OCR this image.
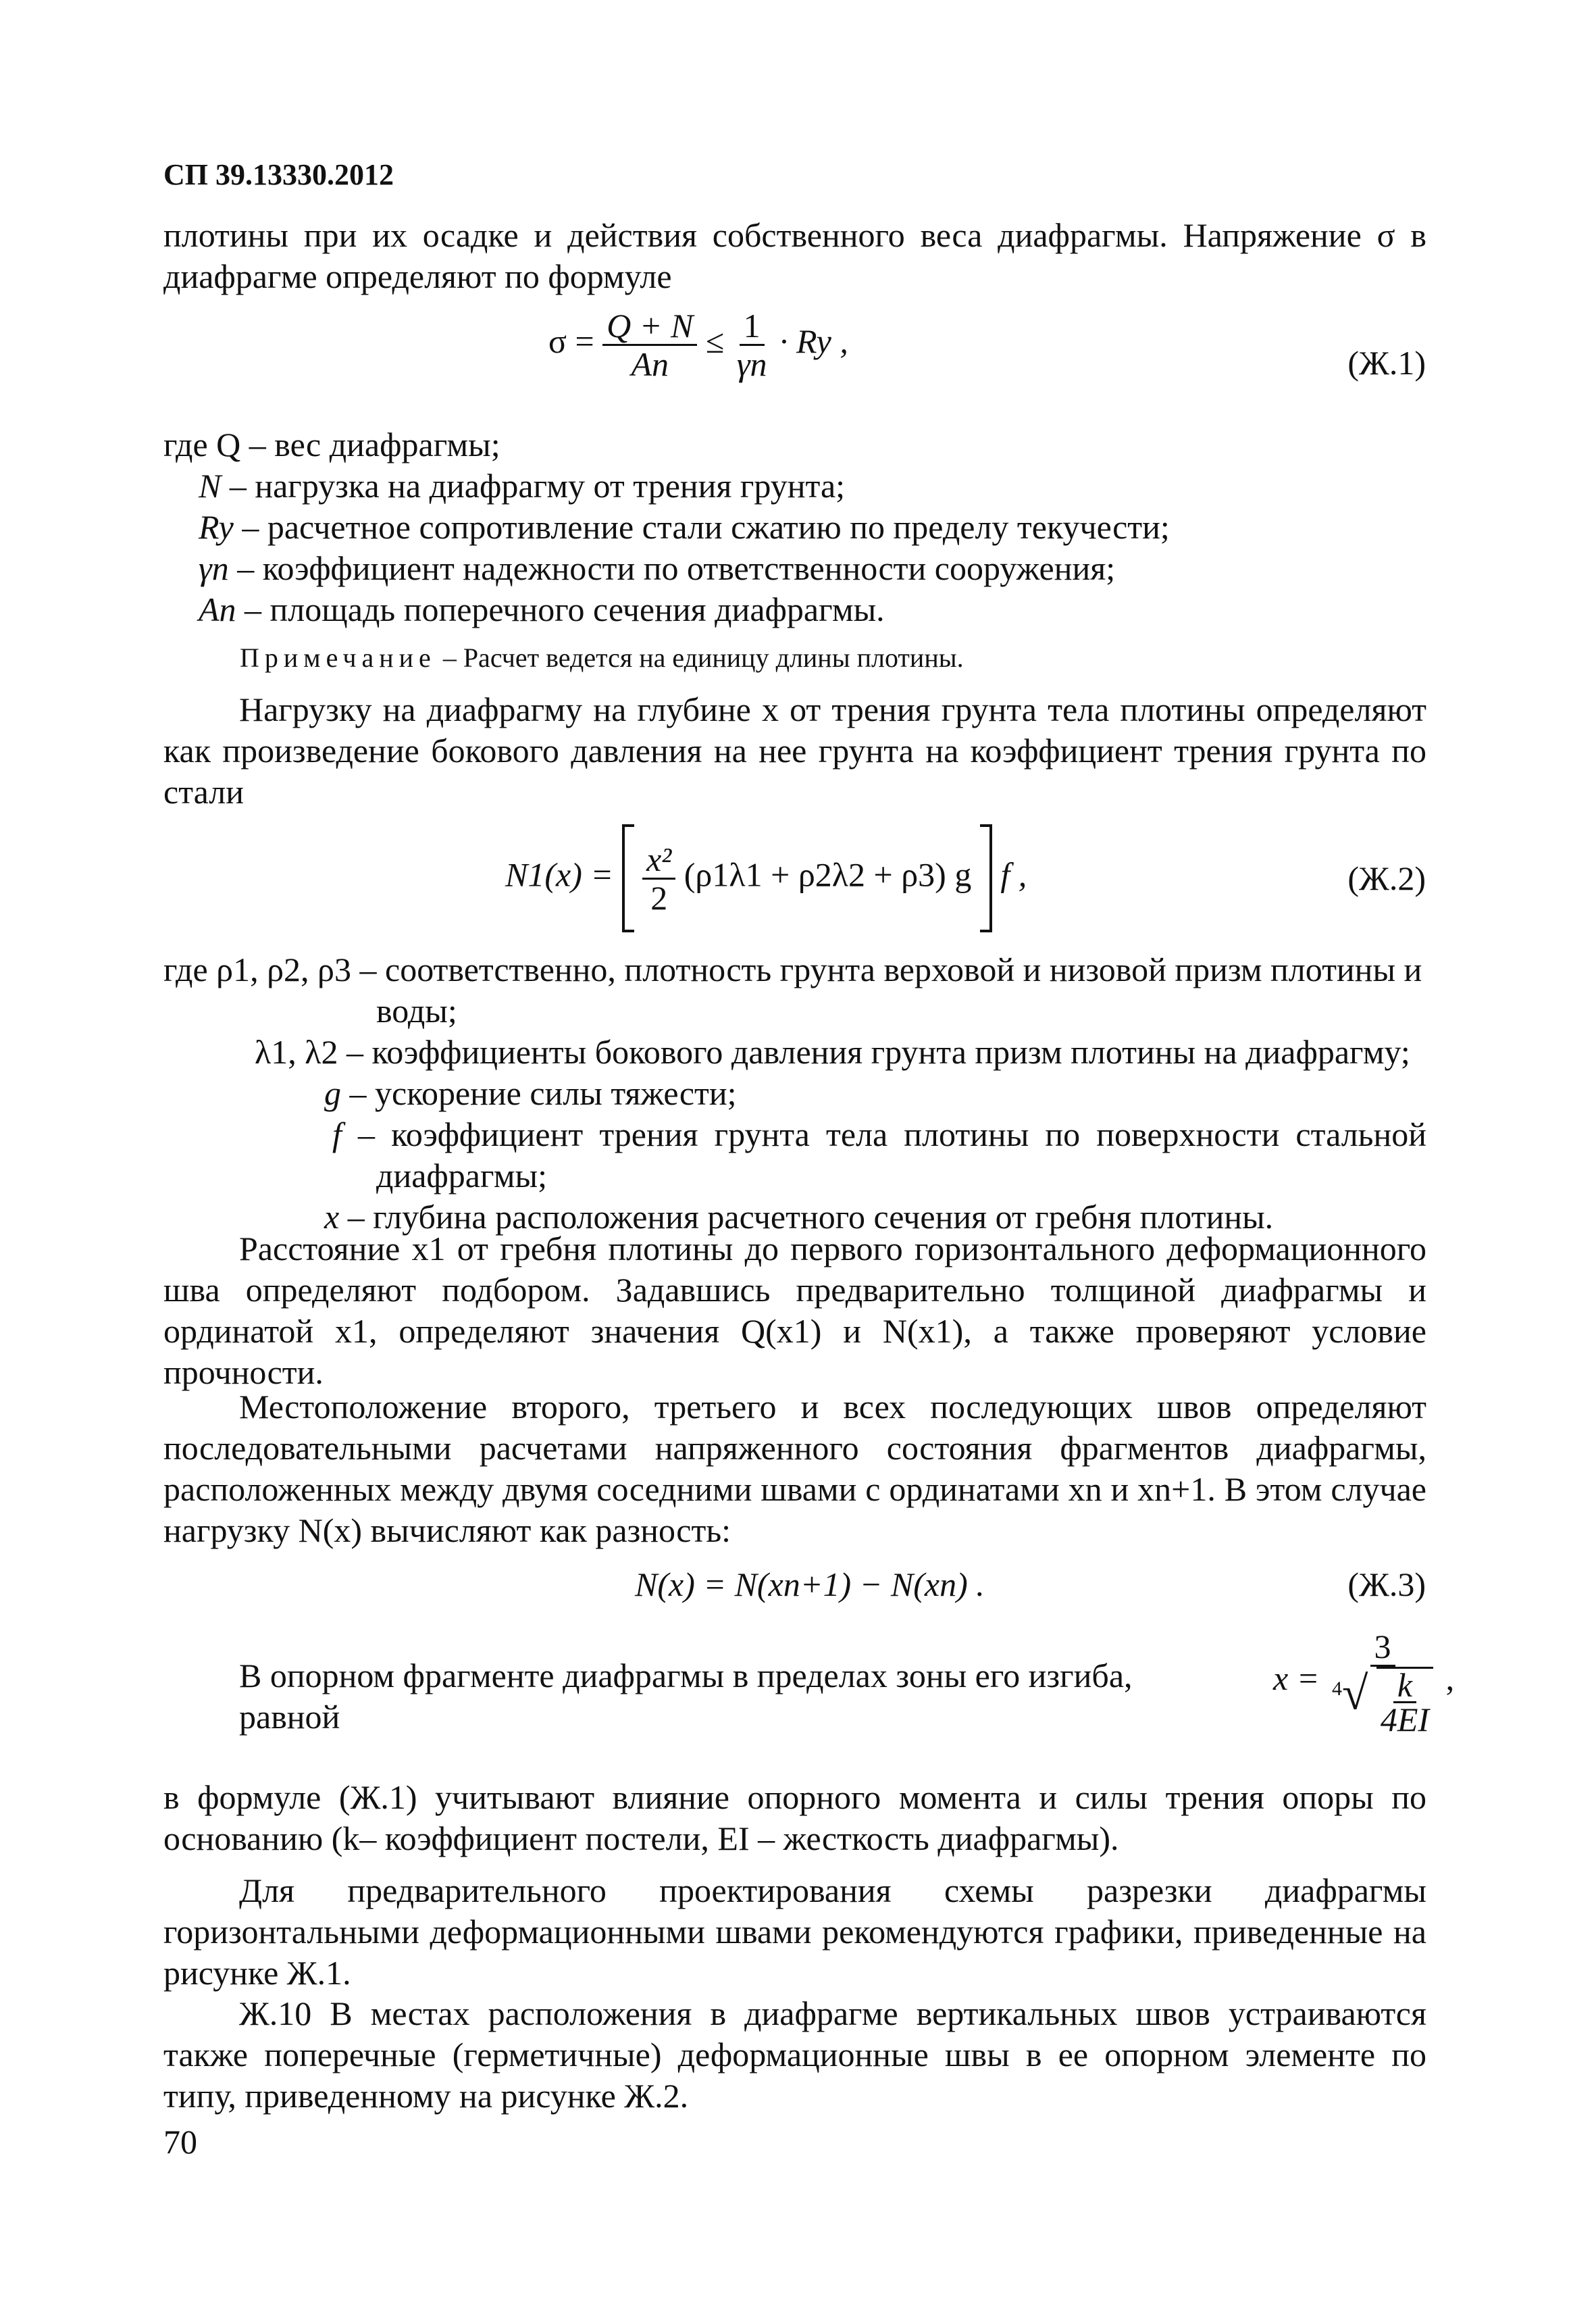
СП 39.13330.2012

плотины при их осадке и действия собственного веса диафрагмы. Напряжение σ в диафрагме определяют по формуле

$\sigma = \frac{Q + N}{An} \le \frac{1}{\gamma n} \cdot Ry$ ,
(Ж.1)
где Q – вес диафрагмы;
N – нагрузка на диафрагму от трения грунта;
Ry – расчетное сопротивление стали сжатию по пределу текучести;
γn – коэффициент надежности по ответственности сооружения;
An – площадь поперечного сечения диафрагмы.
Примечание – Расчет ведется на единицу длины плотины.

Нагрузку на диафрагму на глубине x от трения грунта тела плотины определяют как произведение бокового давления на нее грунта на коэффициент трения грунта по стали

$N1(x) = \frac{\text{x²}}{2} (\rho 1\lambda 1 + \rho 2\lambda 2 + \rho 3)$ g f ,	(Ж.2)
где ρ1, ρ2, ρ3 – соответственно, плотность грунта верховой и низовой призм плотины и воды;
λ1, λ2 – коэффициенты бокового давления грунта призм плотины на диафрагму;
g – ускорение силы тяжести;
f – коэффициент трения грунта тела плотины по поверхности стальной диафрагмы;
x – глубина расположения расчетного сечения от гребня плотины.

Расстояние x1 от гребня плотины до первого горизонтального деформационного шва определяют подбором. Задавшись предварительно толщиной диафрагмы и ординатой x1, определяют значения Q(x1) и N(x1), а также проверяют условие прочности.

Местоположение второго, третьего и всех последующих швов определяют последовательными расчетами напряженного состояния фрагментов диафрагмы, расположенных между двумя соседними швами с ординатами xn и xn+1. В этом случае нагрузку N(x) вычисляют как разность:

N(x) = N(xn+1) − N(xn) .	(Ж.3)

В опорном фрагменте диафрагмы в пределах зоны его изгиба, равной

$x = \frac{3}{^4√ \frac{k}{4EI}}$ ,

в формуле (Ж.1) учитывают влияние опорного момента и силы трения опоры по основанию (k– коэффициент постели, EI – жесткость диафрагмы).

Для предварительного проектирования схемы разрезки диафрагмы горизонтальными деформационными швами рекомендуются графики, приведенные на рисунке Ж.1.

Ж.10 В местах расположения в диафрагме вертикальных швов устраиваются также поперечные (герметичные) деформационные швы в ее опорном элементе по типу, приведенному на рисунке Ж.2.

70
